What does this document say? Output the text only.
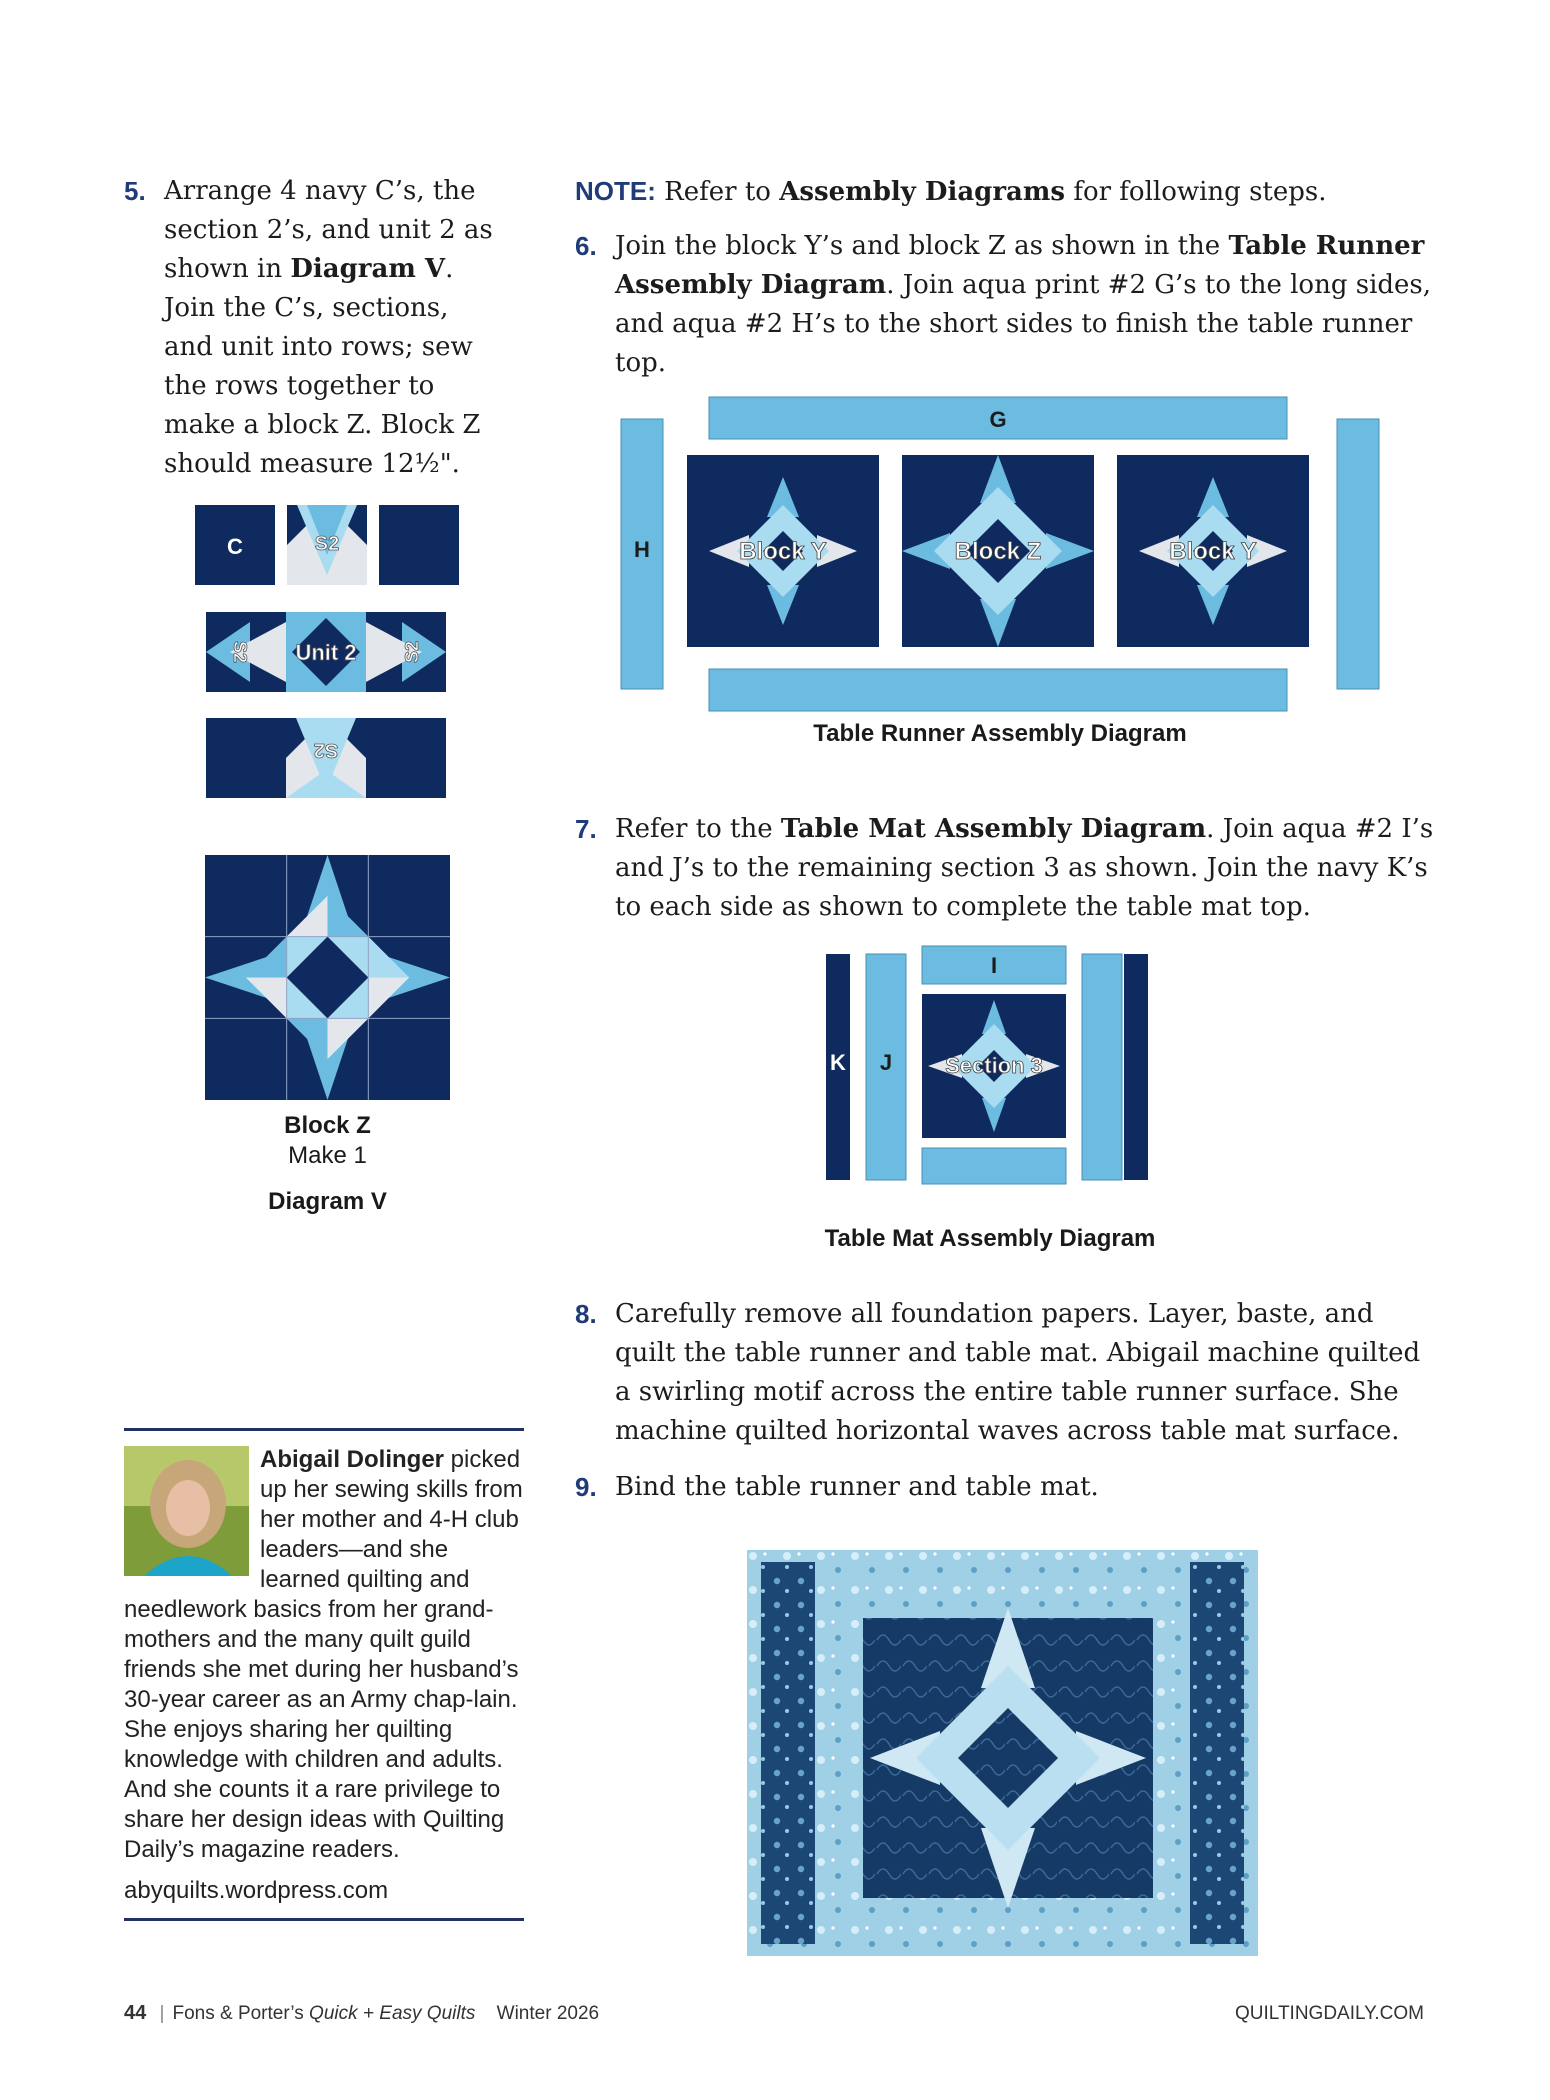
5. Arrange 4 navy C’s, the section 2’s, and unit 2 as shown in Diagram V. Join the C’s, sections, and unit into rows; sew the rows together to make a block Z. Block Z should measure 12½".
C	S2
S2 Unit 2	S2
S2
Block Z
Make 1
Diagram V
NOTE: Refer to Assembly Diagrams for following steps.
6. Join the block Y’s and block Z as shown in the Table Runner Assembly Diagram. Join aqua print #2 G’s to the long sides, and aqua #2 H’s to the short sides to finish the table runner top.
G
H	Block Y	Block Z	Block Y
Table Runner Assembly Diagram
7. Refer to the Table Mat Assembly Diagram. Join aqua #2 I’s and J’s to the remaining section 3 as shown. Join the navy K’s to each side as shown to complete the table mat top.
K J
I
Section 3
Table Mat Assembly Diagram
8. Carefully remove all foundation papers. Layer, baste, and quilt the table runner and table mat. Abigail machine quilted a swirling motif across the entire table runner surface. She machine quilted horizontal waves across table mat surface.
9. Bind the table runner and table mat.
Abigail Dolinger picked up her sewing skills from her mother and 4-H club leaders—and she learned quilting and needlework basics from her grand-mothers and the many quilt guild friends she met during her husband’s 30-year career as an Army chap-lain. She enjoys sharing her quilting knowledge with children and adults. And she counts it a rare privilege to share her design ideas with Quilting Daily’s magazine readers.
abyquilts.wordpress.com
44 | Fons & Porter’s Quick + Easy Quilts Winter 2026	QUILTINGDAILY.COM
